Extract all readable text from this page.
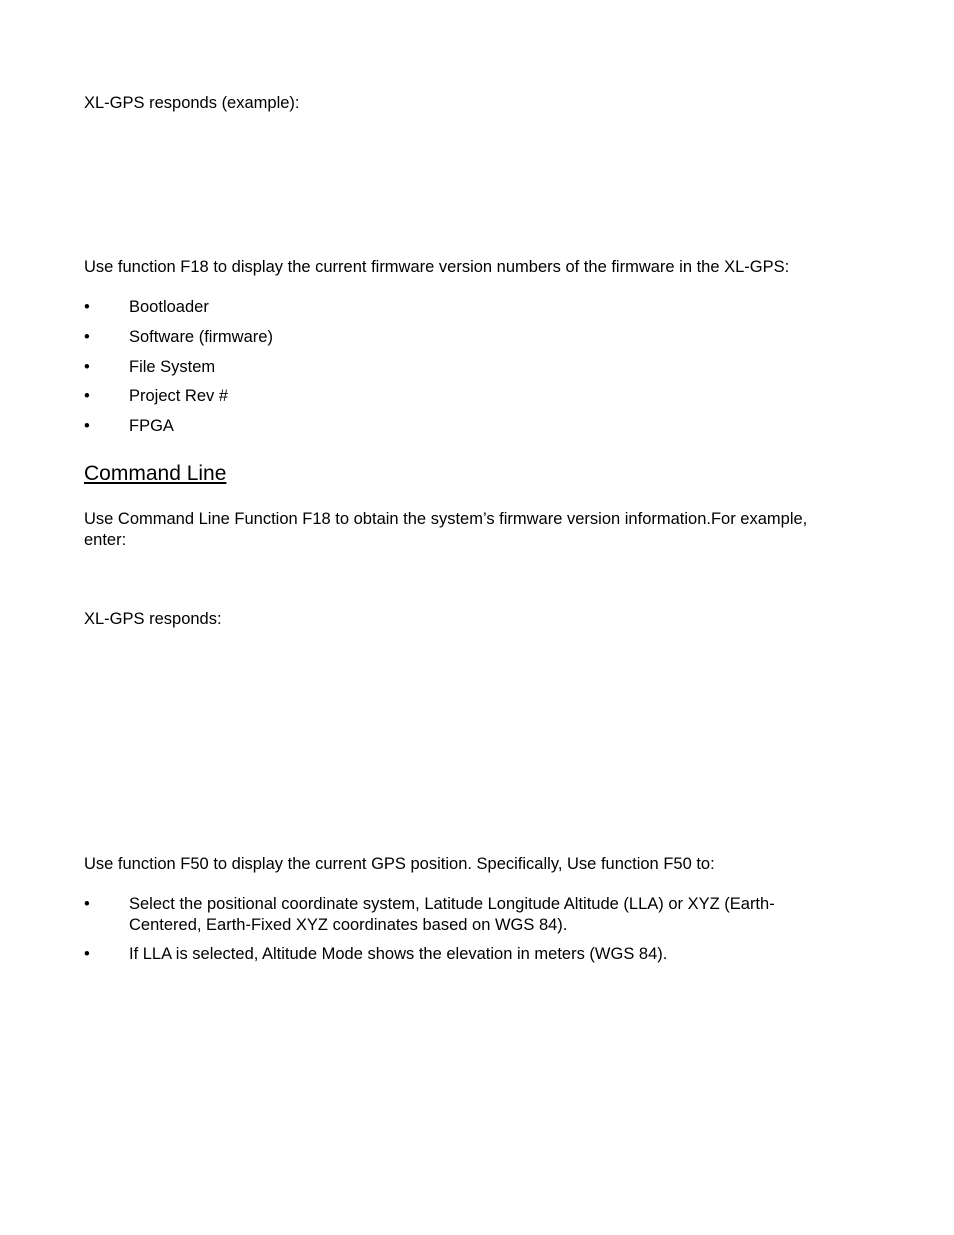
XL-GPS responds (example):

Use function F18 to display the current firmware version numbers of the firmware in the XL-GPS:

• Bootloader
• Software (firmware)
• File System
• Project Rev #
• FPGA
Command Line

Use Command Line Function F18 to obtain the system’s firmware version information.For example, enter:

XL-GPS responds:

Use function F50 to display the current GPS position. Specifically, Use function F50 to:

• Select the positional coordinate system, Latitude Longitude Altitude (LLA) or XYZ (Earth-Centered, Earth-Fixed XYZ coordinates based on WGS 84).
• If LLA is selected, Altitude Mode shows the elevation in meters (WGS 84).
